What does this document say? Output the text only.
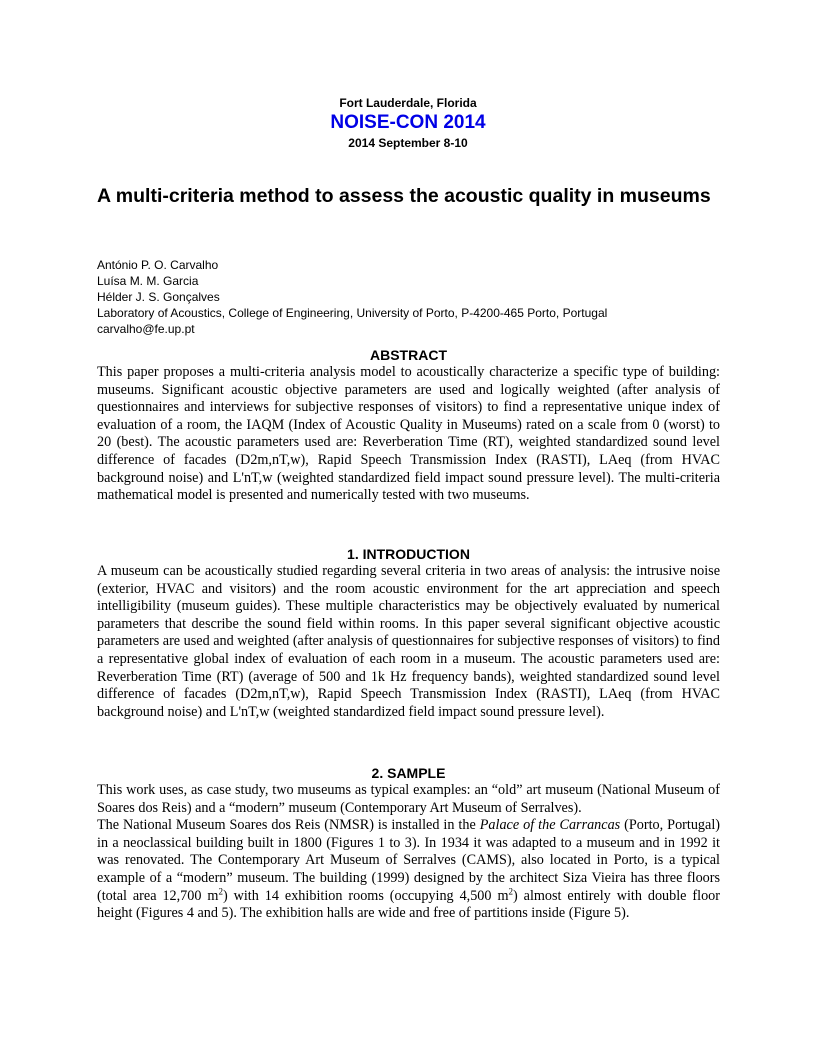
Fort Lauderdale, Florida
NOISE-CON 2014
2014 September 8-10
A multi-criteria method to assess the acoustic quality in museums
António P. O. Carvalho
Luísa M. M. Garcia
Hélder J. S. Gonçalves
Laboratory of Acoustics, College of Engineering, University of Porto, P-4200-465 Porto, Portugal
carvalho@fe.up.pt
ABSTRACT

This paper proposes a multi-criteria analysis model to acoustically characterize a specific type of building: museums. Significant acoustic objective parameters are used and logically weighted (after analysis of questionnaires and interviews for subjective responses of visitors) to find a representative unique index of evaluation of a room, the IAQM (Index of Acoustic Quality in Museums) rated on a scale from 0 (worst) to 20 (best). The acoustic parameters used are: Reverberation Time (RT), weighted standardized sound level difference of facades (D2m,nT,w), Rapid Speech Transmission Index (RASTI), LAeq (from HVAC background noise) and L'nT,w (weighted standardized field impact sound pressure level). The multi-criteria mathematical model is presented and numerically tested with two museums.

1. INTRODUCTION

A museum can be acoustically studied regarding several criteria in two areas of analysis: the intrusive noise (exterior, HVAC and visitors) and the room acoustic environment for the art appreciation and speech intelligibility (museum guides). These multiple characteristics may be objectively evaluated by numerical parameters that describe the sound field within rooms. In this paper several significant objective acoustic parameters are used and weighted (after analysis of questionnaires for subjective responses of visitors) to find a representative global index of evaluation of each room in a museum. The acoustic parameters used are: Reverberation Time (RT) (average of 500 and 1k Hz frequency bands), weighted standardized sound level difference of facades (D2m,nT,w), Rapid Speech Transmission Index (RASTI), LAeq (from HVAC background noise) and L'nT,w (weighted standardized field impact sound pressure level).

2. SAMPLE

This work uses, as case study, two museums as typical examples: an “old” art museum (National Museum of Soares dos Reis) and a “modern” museum (Contemporary Art Museum of Serralves).

The National Museum Soares dos Reis (NMSR) is installed in the Palace of the Carrancas (Porto, Portugal) in a neoclassical building built in 1800 (Figures 1 to 3). In 1934 it was adapted to a museum and in 1992 it was renovated. The Contemporary Art Museum of Serralves (CAMS), also located in Porto, is a typical example of a “modern” museum. The building (1999) designed by the architect Siza Vieira has three floors (total area 12,700 $m^2$) with 14 exhibition rooms (occupying 4,500 $m^2$) almost entirely with double floor height (Figures 4 and 5). The exhibition halls are wide and free of partitions inside (Figure 5).
